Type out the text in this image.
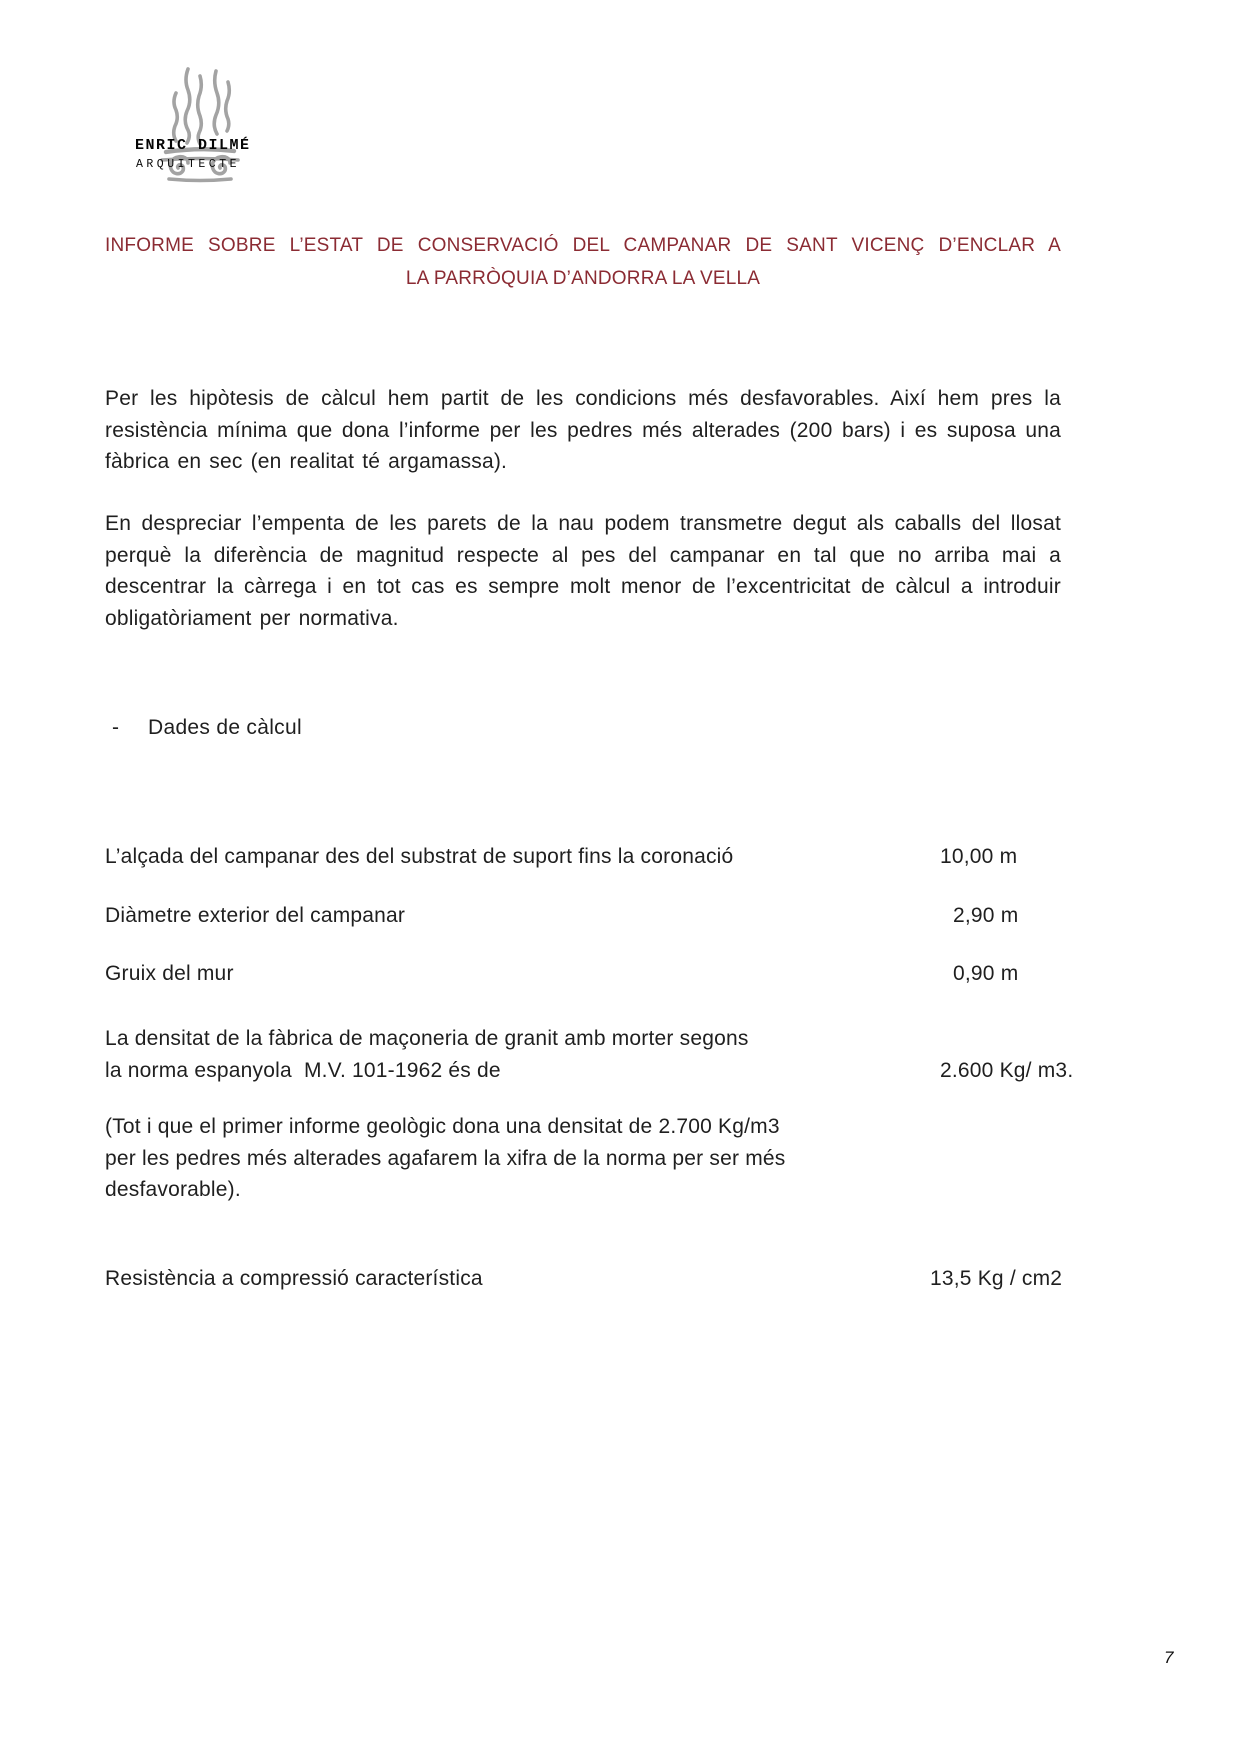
ENRIC DILMÉ
ARQUITECTE
INFORME SOBRE L’ESTAT DE CONSERVACIÓ DEL CAMPANAR DE SANT VICENÇ D’ENCLAR A
LA PARRÒQUIA D’ANDORRA LA VELLA

Per les hipòtesis de càlcul hem partit de les condicions més desfavorables. Així hem pres la resistència mínima que dona l’informe per les pedres més alterades (200 bars) i es suposa una fàbrica en sec (en realitat té argamassa).

En despreciar l’empenta de les parets de la nau podem transmetre degut als caballs del llosat perquè la diferència de magnitud respecte al pes del campanar en tal que no arriba mai a descentrar la càrrega i en tot cas es sempre molt menor de l’excentricitat de càlcul a introduir obligatòriament per normativa.

- Dades de càlcul
L’alçada del campanar des del substrat de suport fins la coronació	10,00 m
Diàmetre exterior del campanar	2,90 m
Gruix del mur	0,90 m
La densitat de la fàbrica de maçoneria de granit amb morter segons
la norma espanyola  M.V. 101-1962 és de	2.600 Kg/ m3.
(Tot i que el primer informe geològic dona una densitat de 2.700 Kg/m3
per les pedres més alterades agafarem la xifra de la norma per ser més
desfavorable).
Resistència a compressió característica	13,5 Kg / cm2
7
